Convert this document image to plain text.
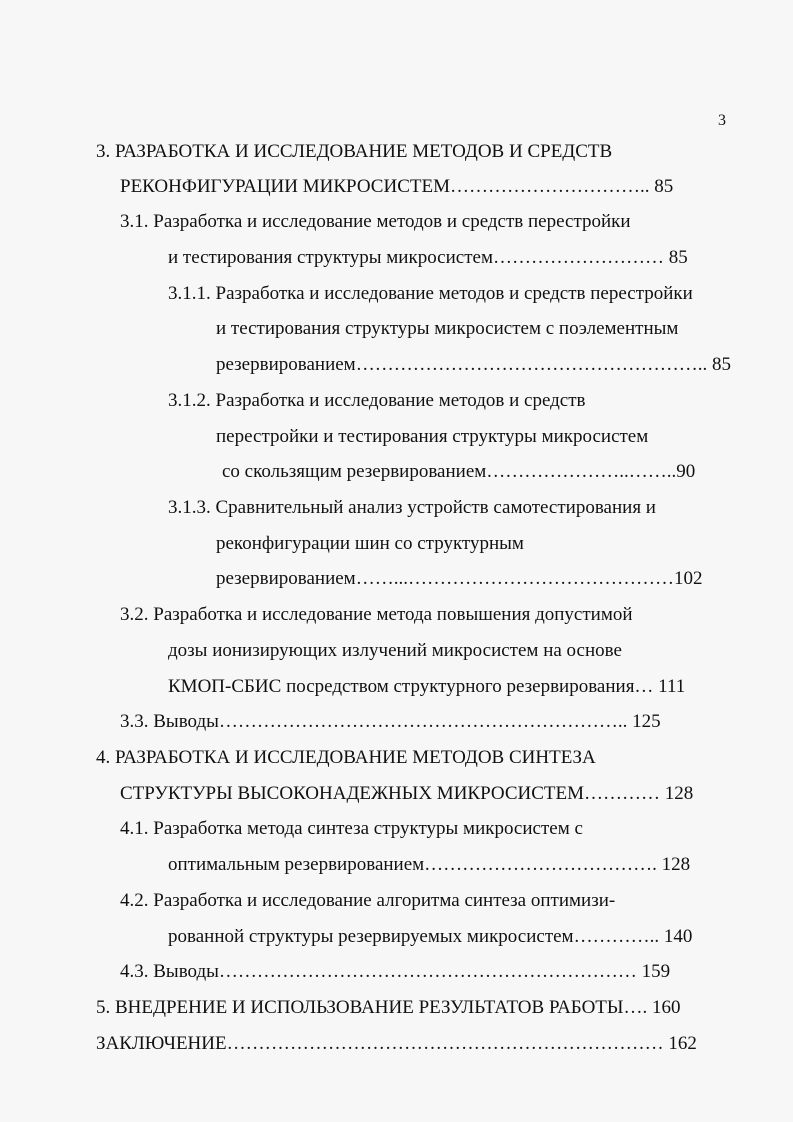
3
3. РАЗРАБОТКА И ИССЛЕДОВАНИЕ МЕТОДОВ И СРЕДСТВ
РЕКОНФИГУРАЦИИ МИКРОСИСТЕМ………………………….. 85
3.1. Разработка и исследование методов и средств перестройки
и тестирования структуры микросистем……………………… 85
3.1.1. Разработка и исследование методов и средств перестройки
и тестирования структуры микросистем с поэлементным
резервированием……………………………………………….. 85
3.1.2. Разработка и исследование методов и средств
перестройки и тестирования структуры микросистем
со скользящим резервированием…………………..……..90
3.1.3. Сравнительный анализ устройств самотестирования и
реконфигурации шин со структурным
резервированием……...……………………………………102
3.2. Разработка и исследование метода повышения допустимой
дозы ионизирующих излучений микросистем на основе
КМОП-СБИС посредством структурного резервирования… 111
3.3. Выводы……………………………………………………….. 125
4. РАЗРАБОТКА И ИССЛЕДОВАНИЕ МЕТОДОВ СИНТЕЗА
СТРУКТУРЫ ВЫСОКОНАДЕЖНЫХ МИКРОСИСТЕМ………… 128
4.1. Разработка метода синтеза структуры микросистем с
оптимальным резервированием………………………………. 128
4.2. Разработка и исследование алгоритма синтеза оптимизи-
рованной структуры резервируемых микросистем………….. 140
4.3. Выводы………………………………………………………… 159
5. ВНЕДРЕНИЕ И ИСПОЛЬЗОВАНИЕ РЕЗУЛЬТАТОВ РАБОТЫ…. 160
ЗАКЛЮЧЕНИЕ…………………………………………………………… 162
